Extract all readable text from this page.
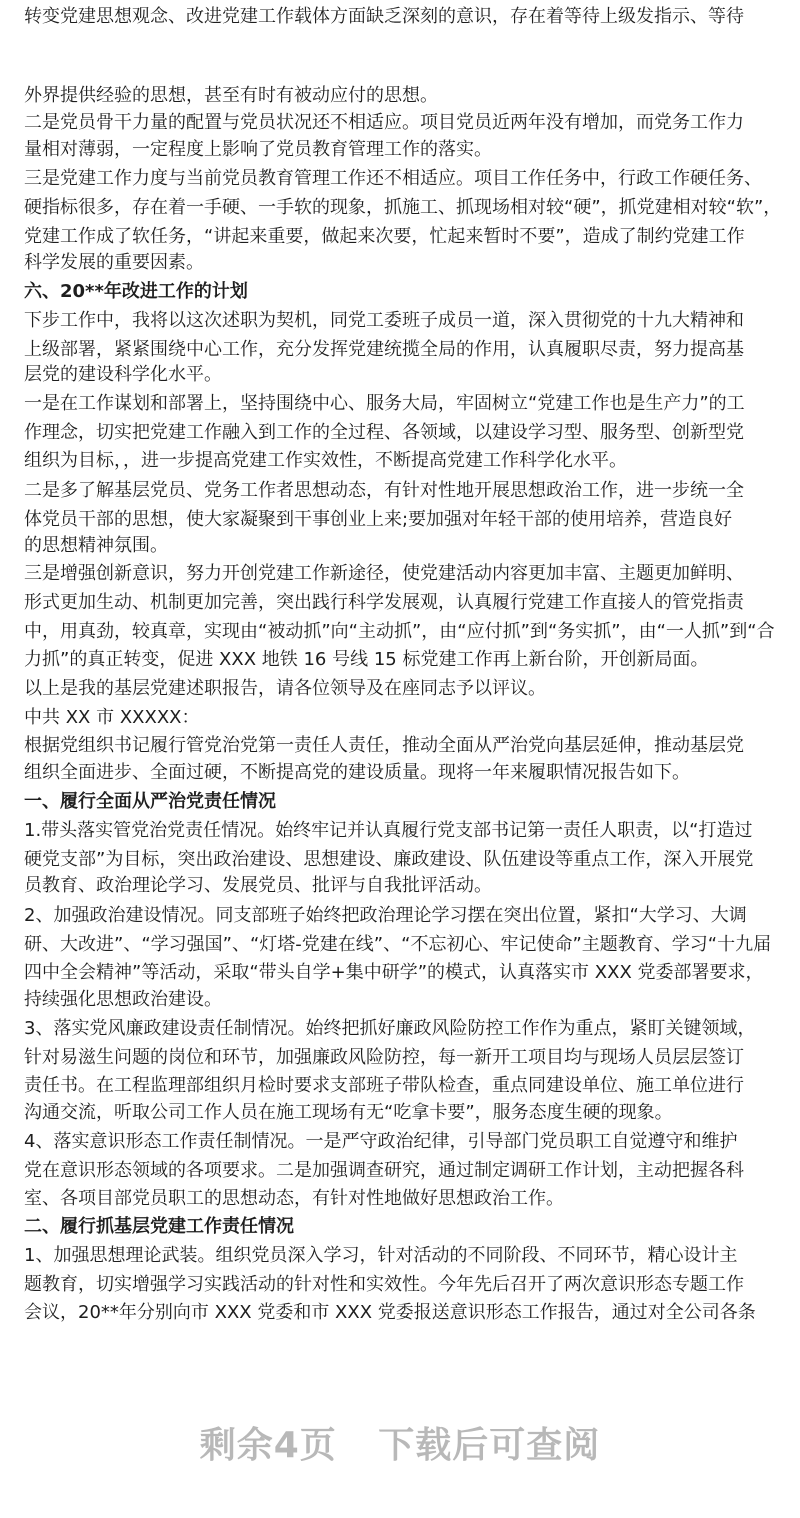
转变党建思想观念、改进党建工作载体方面缺乏深刻的意识，存在着等待上级发指示、等待
外界提供经验的思想，甚至有时有被动应付的思想。
二是党员骨干力量的配置与党员状况还不相适应。项目党员近两年没有增加，而党务工作力
量相对薄弱，一定程度上影响了党员教育管理工作的落实。
三是党建工作力度与当前党员教育管理工作还不相适应。项目工作任务中，行政工作硬任务、
硬指标很多，存在着一手硬、一手软的现象，抓施工、抓现场相对较“硬”，抓党建相对较“软”，
党建工作成了软任务，“讲起来重要，做起来次要，忙起来暂时不要”，造成了制约党建工作
科学发展的重要因素。
六、20**年改进工作的计划
下步工作中，我将以这次述职为契机，同党工委班子成员一道，深入贯彻党的十九大精神和
上级部署，紧紧围绕中心工作，充分发挥党建统揽全局的作用，认真履职尽责，努力提高基
层党的建设科学化水平。
一是在工作谋划和部署上，坚持围绕中心、服务大局，牢固树立“党建工作也是生产力”的工
作理念，切实把党建工作融入到工作的全过程、各领域，以建设学习型、服务型、创新型党
组织为目标，，进一步提高党建工作实效性，不断提高党建工作科学化水平。
二是多了解基层党员、党务工作者思想动态，有针对性地开展思想政治工作，进一步统一全
体党员干部的思想，使大家凝聚到干事创业上来;要加强对年轻干部的使用培养，营造良好
的思想精神氛围。
三是增强创新意识，努力开创党建工作新途径，使党建活动内容更加丰富、主题更加鲜明、
形式更加生动、机制更加完善，突出践行科学发展观，认真履行党建工作直接人的管党指责
中，用真劲，较真章，实现由“被动抓”向“主动抓”，由“应付抓”到“务实抓”，由“一人抓”到“合
力抓”的真正转变，促进 XXX 地铁 16 号线 15 标党建工作再上新台阶，开创新局面。
以上是我的基层党建述职报告，请各位领导及在座同志予以评议。
中共 XX 市 XXXXX：
根据党组织书记履行管党治党第一责任人责任，推动全面从严治党向基层延伸，推动基层党
组织全面进步、全面过硬，不断提高党的建设质量。现将一年来履职情况报告如下。
一、履行全面从严治党责任情况
1.带头落实管党治党责任情况。始终牢记并认真履行党支部书记第一责任人职责，以“打造过
硬党支部”为目标，突出政治建设、思想建设、廉政建设、队伍建设等重点工作，深入开展党
员教育、政治理论学习、发展党员、批评与自我批评活动。
2、加强政治建设情况。同支部班子始终把政治理论学习摆在突出位置，紧扣“大学习、大调
研、大改进”、“学习强国”、“灯塔-党建在线”、“不忘初心、牢记使命”主题教育、学习“十九届
四中全会精神”等活动，采取“带头自学+集中研学”的模式，认真落实市 XXX 党委部署要求，
持续强化思想政治建设。
3、落实党风廉政建设责任制情况。始终把抓好廉政风险防控工作作为重点，紧盯关键领域，
针对易滋生问题的岗位和环节，加强廉政风险防控，每一新开工项目均与现场人员层层签订
责任书。在工程监理部组织月检时要求支部班子带队检查，重点同建设单位、施工单位进行
沟通交流，听取公司工作人员在施工现场有无“吃拿卡要”，服务态度生硬的现象。
4、落实意识形态工作责任制情况。一是严守政治纪律，引导部门党员职工自觉遵守和维护
党在意识形态领域的各项要求。二是加强调查研究，通过制定调研工作计划，主动把握各科
室、各项目部党员职工的思想动态，有针对性地做好思想政治工作。
二、履行抓基层党建工作责任情况
1、加强思想理论武装。组织党员深入学习，针对活动的不同阶段、不同环节，精心设计主
题教育，切实增强学习实践活动的针对性和实效性。今年先后召开了两次意识形态专题工作
会议，20**年分别向市 XXX 党委和市 XXX 党委报送意识形态工作报告，通过对全公司各条
剩余4页 下载后可查阅
